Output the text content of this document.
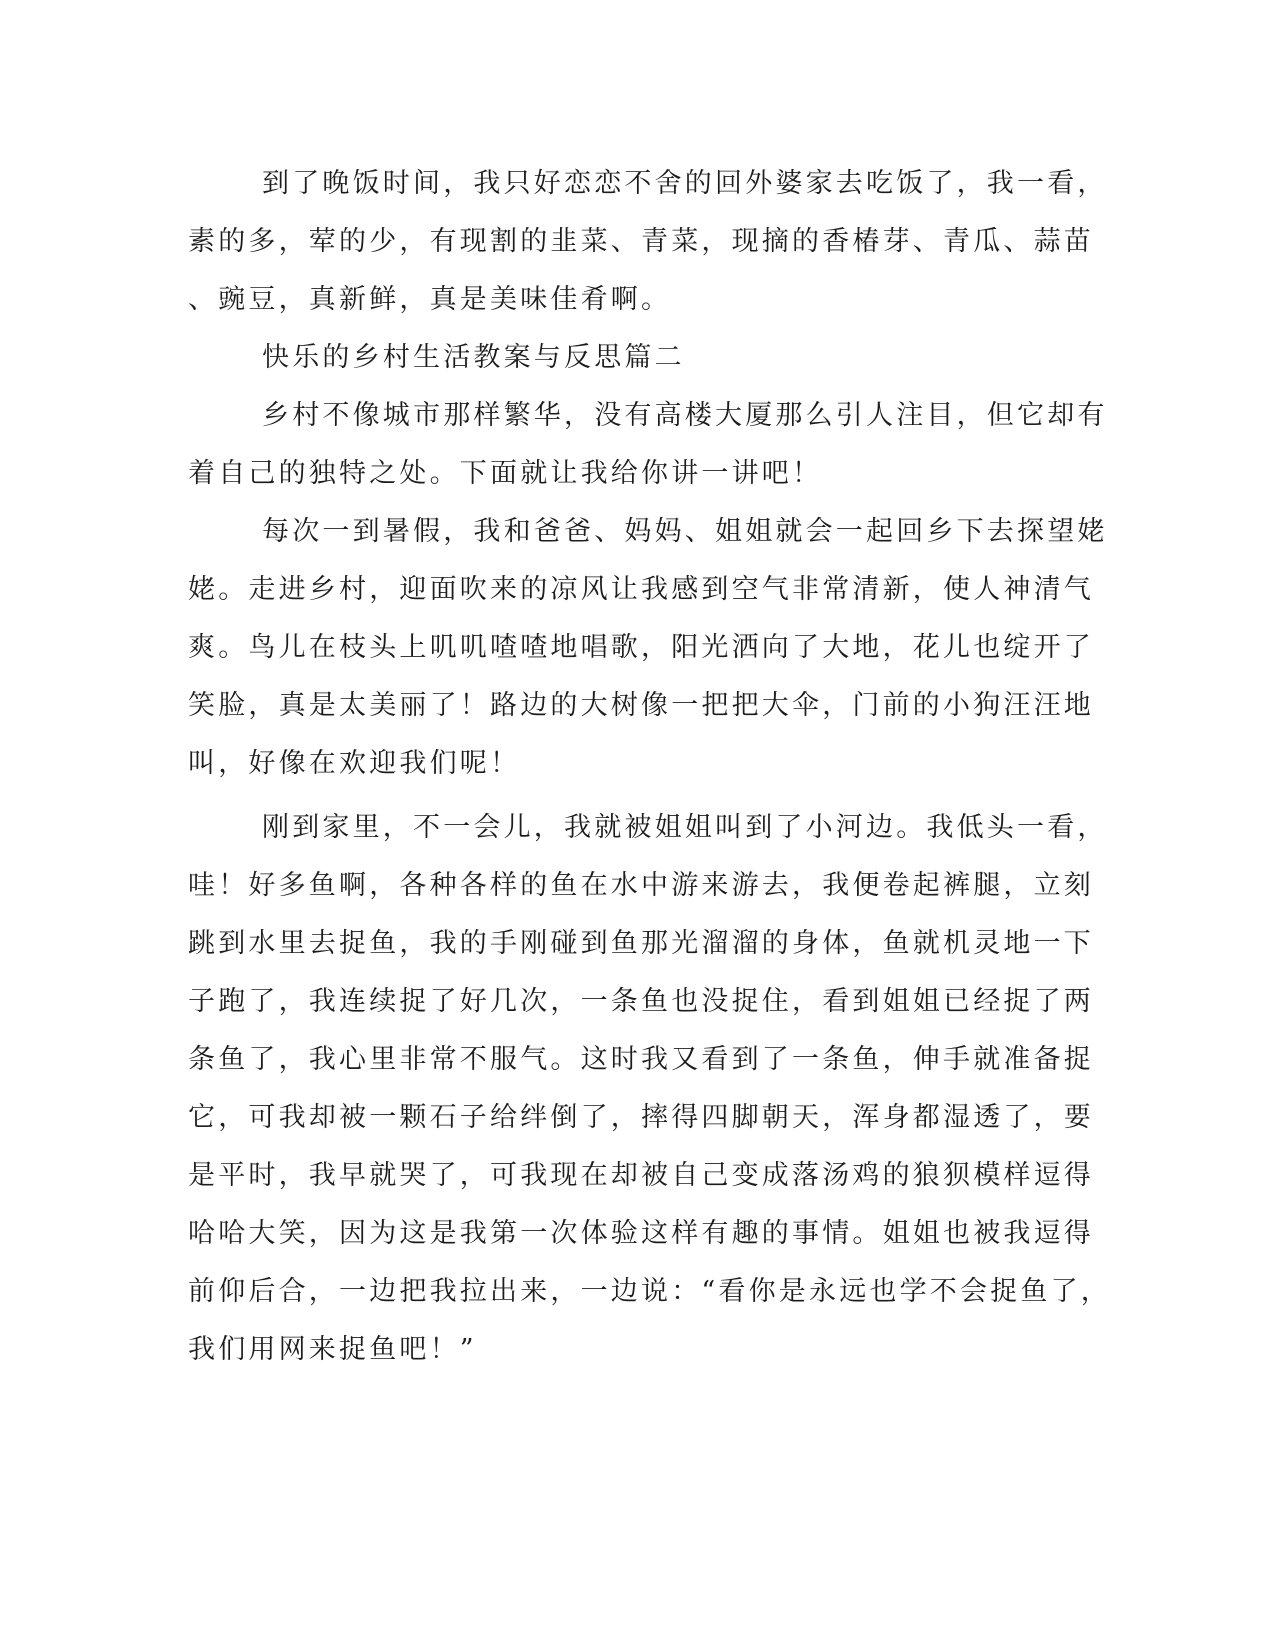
到了晚饭时间，我只好恋恋不舍的回外婆家去吃饭了，我一看，

素的多，荤的少，有现割的韭菜、青菜，现摘的香椿芽、青瓜、蒜苗

、豌豆，真新鲜，真是美味佳肴啊。

快乐的乡村生活教案与反思篇二

乡村不像城市那样繁华，没有高楼大厦那么引人注目，但它却有

着自己的独特之处。下面就让我给你讲一讲吧！

每次一到暑假，我和爸爸、妈妈、姐姐就会一起回乡下去探望姥

姥。走进乡村，迎面吹来的凉风让我感到空气非常清新，使人神清气

爽。鸟儿在枝头上叽叽喳喳地唱歌，阳光洒向了大地，花儿也绽开了

笑脸，真是太美丽了！路边的大树像一把把大伞，门前的小狗汪汪地

叫，好像在欢迎我们呢！

刚到家里，不一会儿，我就被姐姐叫到了小河边。我低头一看，

哇！好多鱼啊，各种各样的鱼在水中游来游去，我便卷起裤腿，立刻

跳到水里去捉鱼，我的手刚碰到鱼那光溜溜的身体，鱼就机灵地一下

子跑了，我连续捉了好几次，一条鱼也没捉住，看到姐姐已经捉了两

条鱼了，我心里非常不服气。这时我又看到了一条鱼，伸手就准备捉

它，可我却被一颗石子给绊倒了，摔得四脚朝天，浑身都湿透了，要

是平时，我早就哭了，可我现在却被自己变成落汤鸡的狼狈模样逗得

哈哈大笑，因为这是我第一次体验这样有趣的事情。姐姐也被我逗得

前仰后合，一边把我拉出来，一边说：“看你是永远也学不会捉鱼了，

我们用网来捉鱼吧！”
